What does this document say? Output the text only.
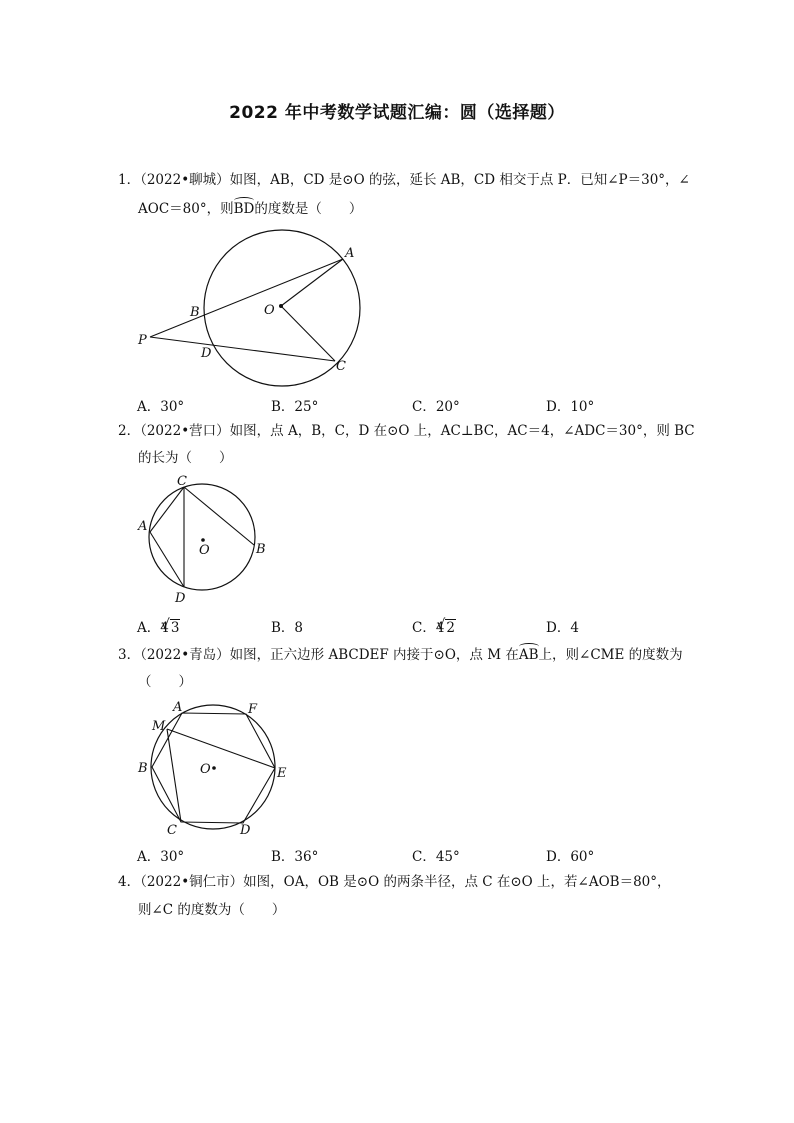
2022 年中考数学试题汇编：圆（选择题）
1．（2022•聊城）如图，AB，CD 是⊙O 的弦，延长 AB，CD 相交于点 P．已知∠P＝30°，∠
AOC＝80°，则BD的度数是（　　）
A
B
C
D
O
P
A．30°	B．25°	C．20°	D．10°
2．（2022•营口）如图，点 A，B，C，D 在⊙O 上，AC⊥BC，AC＝4，∠ADC＝30°，则 BC
的长为（　　）
A
B
C
D
O
A．4 √ 3	B．8	C．4 √ 2	D．4
3．（2022•青岛）如图，正六边形 ABCDEF 内接于⊙O，点 M 在AB上，则∠CME 的度数为
（　　）
A
B
C	D
E
F
M
O
A．30°	B．36°	C．45°	D．60°
4．（2022•铜仁市）如图，OA，OB 是⊙O 的两条半径，点 C 在⊙O 上，若∠AOB＝80°，
则∠C 的度数为（　　）
